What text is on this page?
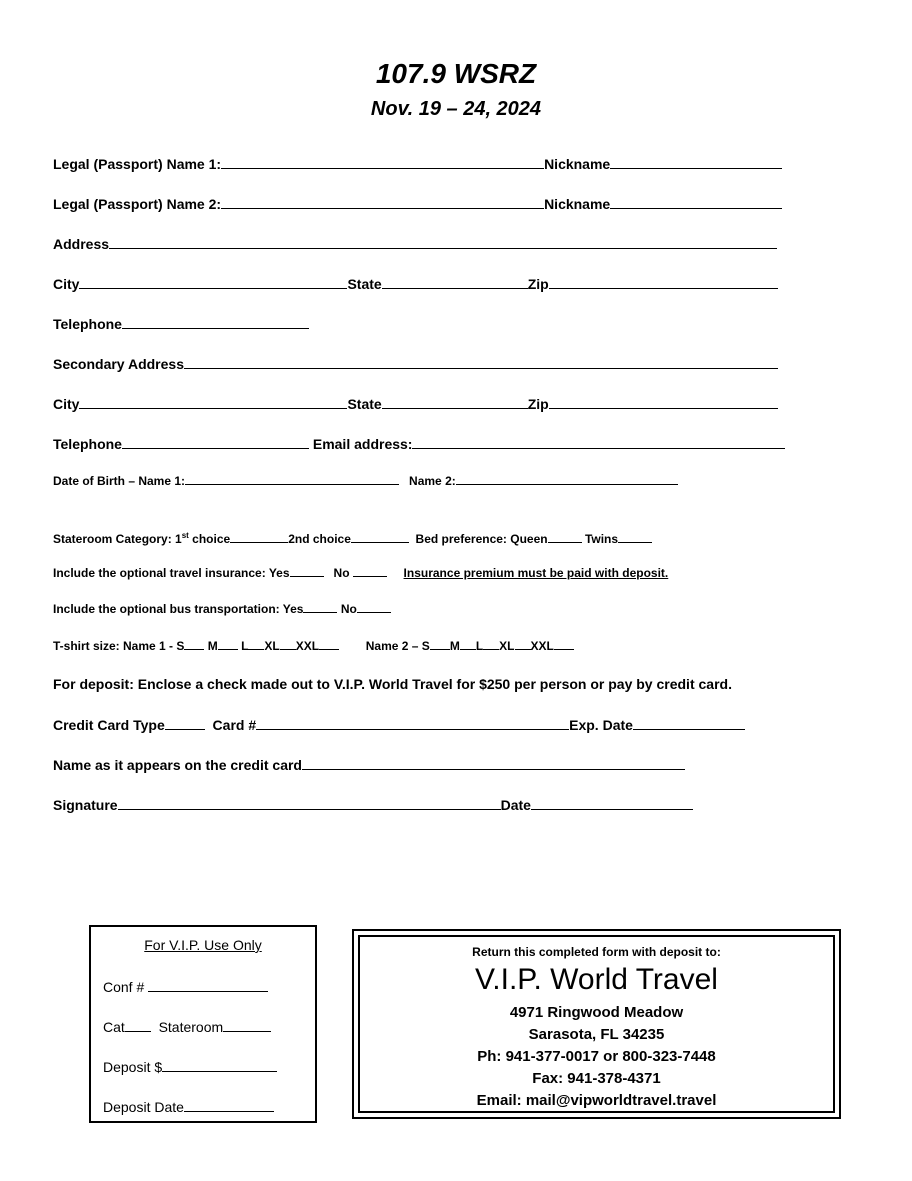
107.9 WSRZ
Nov. 19 – 24, 2024
Legal (Passport) Name 1:	Nickname
Legal (Passport) Name 2:	Nickname
Address
City	State	Zip
Telephone
Secondary Address
City	State	Zip
Telephone	Email address:
Date of Birth – Name 1:	Name 2:
Stateroom Category: 1st choice	2nd choice	Bed preference: Queen	Twins
Include the optional travel insurance: Yes	No	Insurance premium must be paid with deposit.
Include the optional bus transportation: Yes	No
T-shirt size: Name 1 - S M L XL XXL	Name 2 – S M L XL XXL
For deposit: Enclose a check made out to V.I.P. World Travel for $250 per person or pay by credit card.
Credit Card Type	Card #	Exp. Date
Name as it appears on the credit card
Signature	Date
For V.I.P. Use Only
Conf #
Cat Stateroom
Deposit $
Deposit Date
Return this completed form with deposit to:
V.I.P. World Travel
4971 Ringwood Meadow
Sarasota, FL 34235
Ph: 941-377-0017 or 800-323-7448
Fax: 941-378-4371
Email: mail@vipworldtravel.travel
